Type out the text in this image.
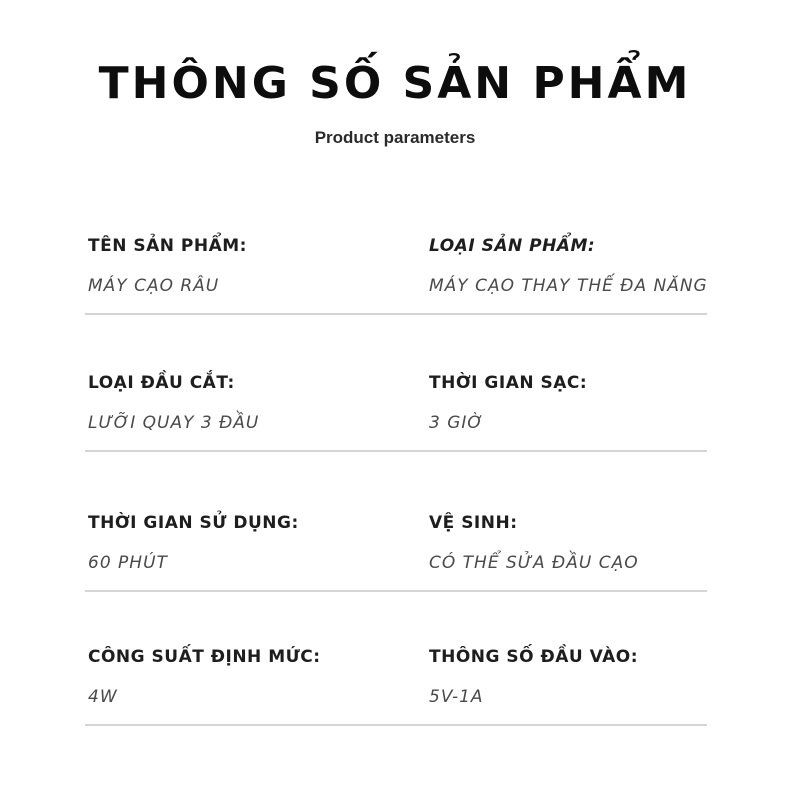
THÔNG SỐ SẢN PHẨM
Product parameters
TÊN SẢN PHẨM:
MÁY CẠO RÂU
LOẠI SẢN PHẨM:
MÁY CẠO THAY THẾ ĐA NĂNG
LOẠI ĐẦU CẮT:
LƯỠI QUAY 3 ĐẦU
THỜI GIAN SẠC:
3 GIỜ
THỜI GIAN SỬ DỤNG:
60 PHÚT
VỆ SINH:
CÓ THỂ SỬA ĐẦU CẠO
CÔNG SUẤT ĐỊNH MỨC:
4W
THÔNG SỐ ĐẦU VÀO:
5V-1A
